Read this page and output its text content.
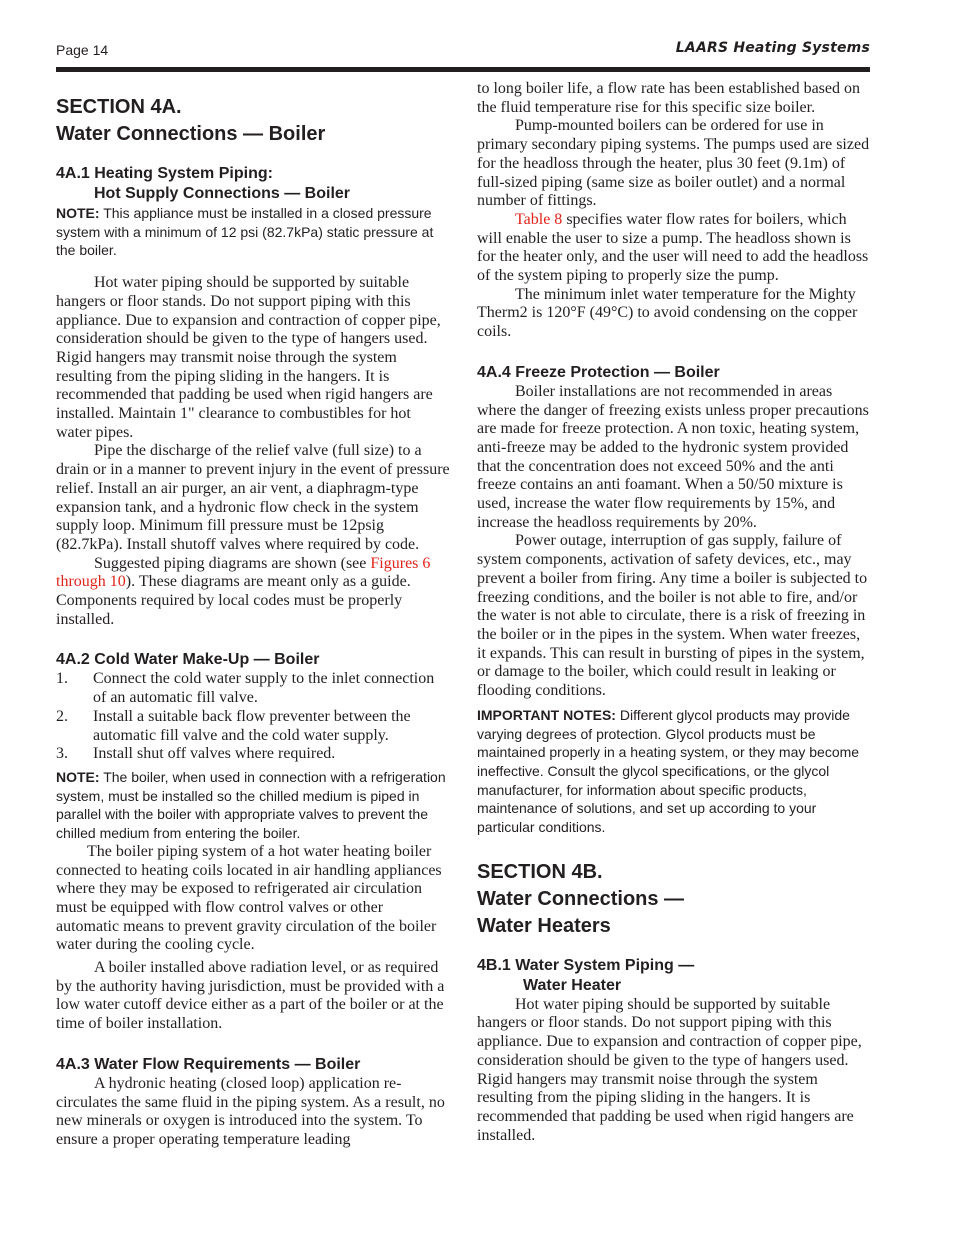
Page 14	LAARS Heating Systems
SECTION 4A.
Water Connections — Boiler
4A.1 Heating System Piping:
Hot Supply Connections — Boiler

NOTE: This appliance must be installed in a closed pressure system with a minimum of 12 psi (82.7kPa) static pressure at the boiler.

Hot water piping should be supported by suitable hangers or floor stands. Do not support piping with this appliance. Due to expansion and contraction of copper pipe, consideration should be given to the type of hangers used. Rigid hangers may transmit noise through the system resulting from the piping sliding in the hangers. It is recommended that padding be used when rigid hangers are installed. Maintain 1" clearance to combustibles for hot water pipes.

Pipe the discharge of the relief valve (full size) to a drain or in a manner to prevent injury in the event of pressure relief. Install an air purger, an air vent, a diaphragm-type expansion tank, and a hydronic flow check in the system supply loop. Minimum fill pressure must be 12psig (82.7kPa). Install shutoff valves where required by code.

Suggested piping diagrams are shown (see Figures 6 through 10). These diagrams are meant only as a guide. Components required by local codes must be properly installed.

4A.2 Cold Water Make-Up — Boiler
1. Connect the cold water supply to the inlet connection of an automatic fill valve.
2. Install a suitable back flow preventer between the automatic fill valve and the cold water supply.
3. Install shut off valves where required.

NOTE: The boiler, when used in connection with a refrigeration system, must be installed so the chilled medium is piped in parallel with the boiler with appropriate valves to prevent the chilled medium from entering the boiler.

The boiler piping system of a hot water heating boiler connected to heating coils located in air handling appliances where they may be exposed to refrigerated air circulation must be equipped with flow control valves or other automatic means to prevent gravity circulation of the boiler water during the cooling cycle.

A boiler installed above radiation level, or as required by the authority having jurisdiction, must be provided with a low water cutoff device either as a part of the boiler or at the time of boiler installation.

4A.3 Water Flow Requirements — Boiler

A hydronic heating (closed loop) application re-circulates the same fluid in the piping system. As a result, no new minerals or oxygen is introduced into the system. To ensure a proper operating temperature leading

to long boiler life, a flow rate has been established based on the fluid temperature rise for this specific size boiler.

Pump-mounted boilers can be ordered for use in primary secondary piping systems. The pumps used are sized for the headloss through the heater, plus 30 feet (9.1m) of full-sized piping (same size as boiler outlet) and a normal number of fittings.

Table 8 specifies water flow rates for boilers, which will enable the user to size a pump. The headloss shown is for the heater only, and the user will need to add the headloss of the system piping to properly size the pump.

The minimum inlet water temperature for the Mighty Therm2 is 120°F (49°C) to avoid condensing on the copper coils.

4A.4 Freeze Protection — Boiler

Boiler installations are not recommended in areas where the danger of freezing exists unless proper precautions are made for freeze protection. A non toxic, heating system, anti-freeze may be added to the hydronic system provided that the concentration does not exceed 50% and the anti freeze contains an anti foamant. When a 50/50 mixture is used, increase the water flow requirements by 15%, and increase the headloss requirements by 20%.

Power outage, interruption of gas supply, failure of system components, activation of safety devices, etc., may prevent a boiler from firing. Any time a boiler is subjected to freezing conditions, and the boiler is not able to fire, and/or the water is not able to circulate, there is a risk of freezing in the boiler or in the pipes in the system. When water freezes, it expands. This can result in bursting of pipes in the system, or damage to the boiler, which could result in leaking or flooding conditions.

IMPORTANT NOTES: Different glycol products may provide varying degrees of protection. Glycol products must be maintained properly in a heating system, or they may become ineffective. Consult the glycol specifications, or the glycol manufacturer, for information about specific products, maintenance of solutions, and set up according to your particular conditions.

SECTION 4B.
Water Connections —
Water Heaters
4B.1 Water System Piping —
Water Heater

Hot water piping should be supported by suitable hangers or floor stands. Do not support piping with this appliance. Due to expansion and contraction of copper pipe, consideration should be given to the type of hangers used. Rigid hangers may transmit noise through the system resulting from the piping sliding in the hangers. It is recommended that padding be used when rigid hangers are installed.
